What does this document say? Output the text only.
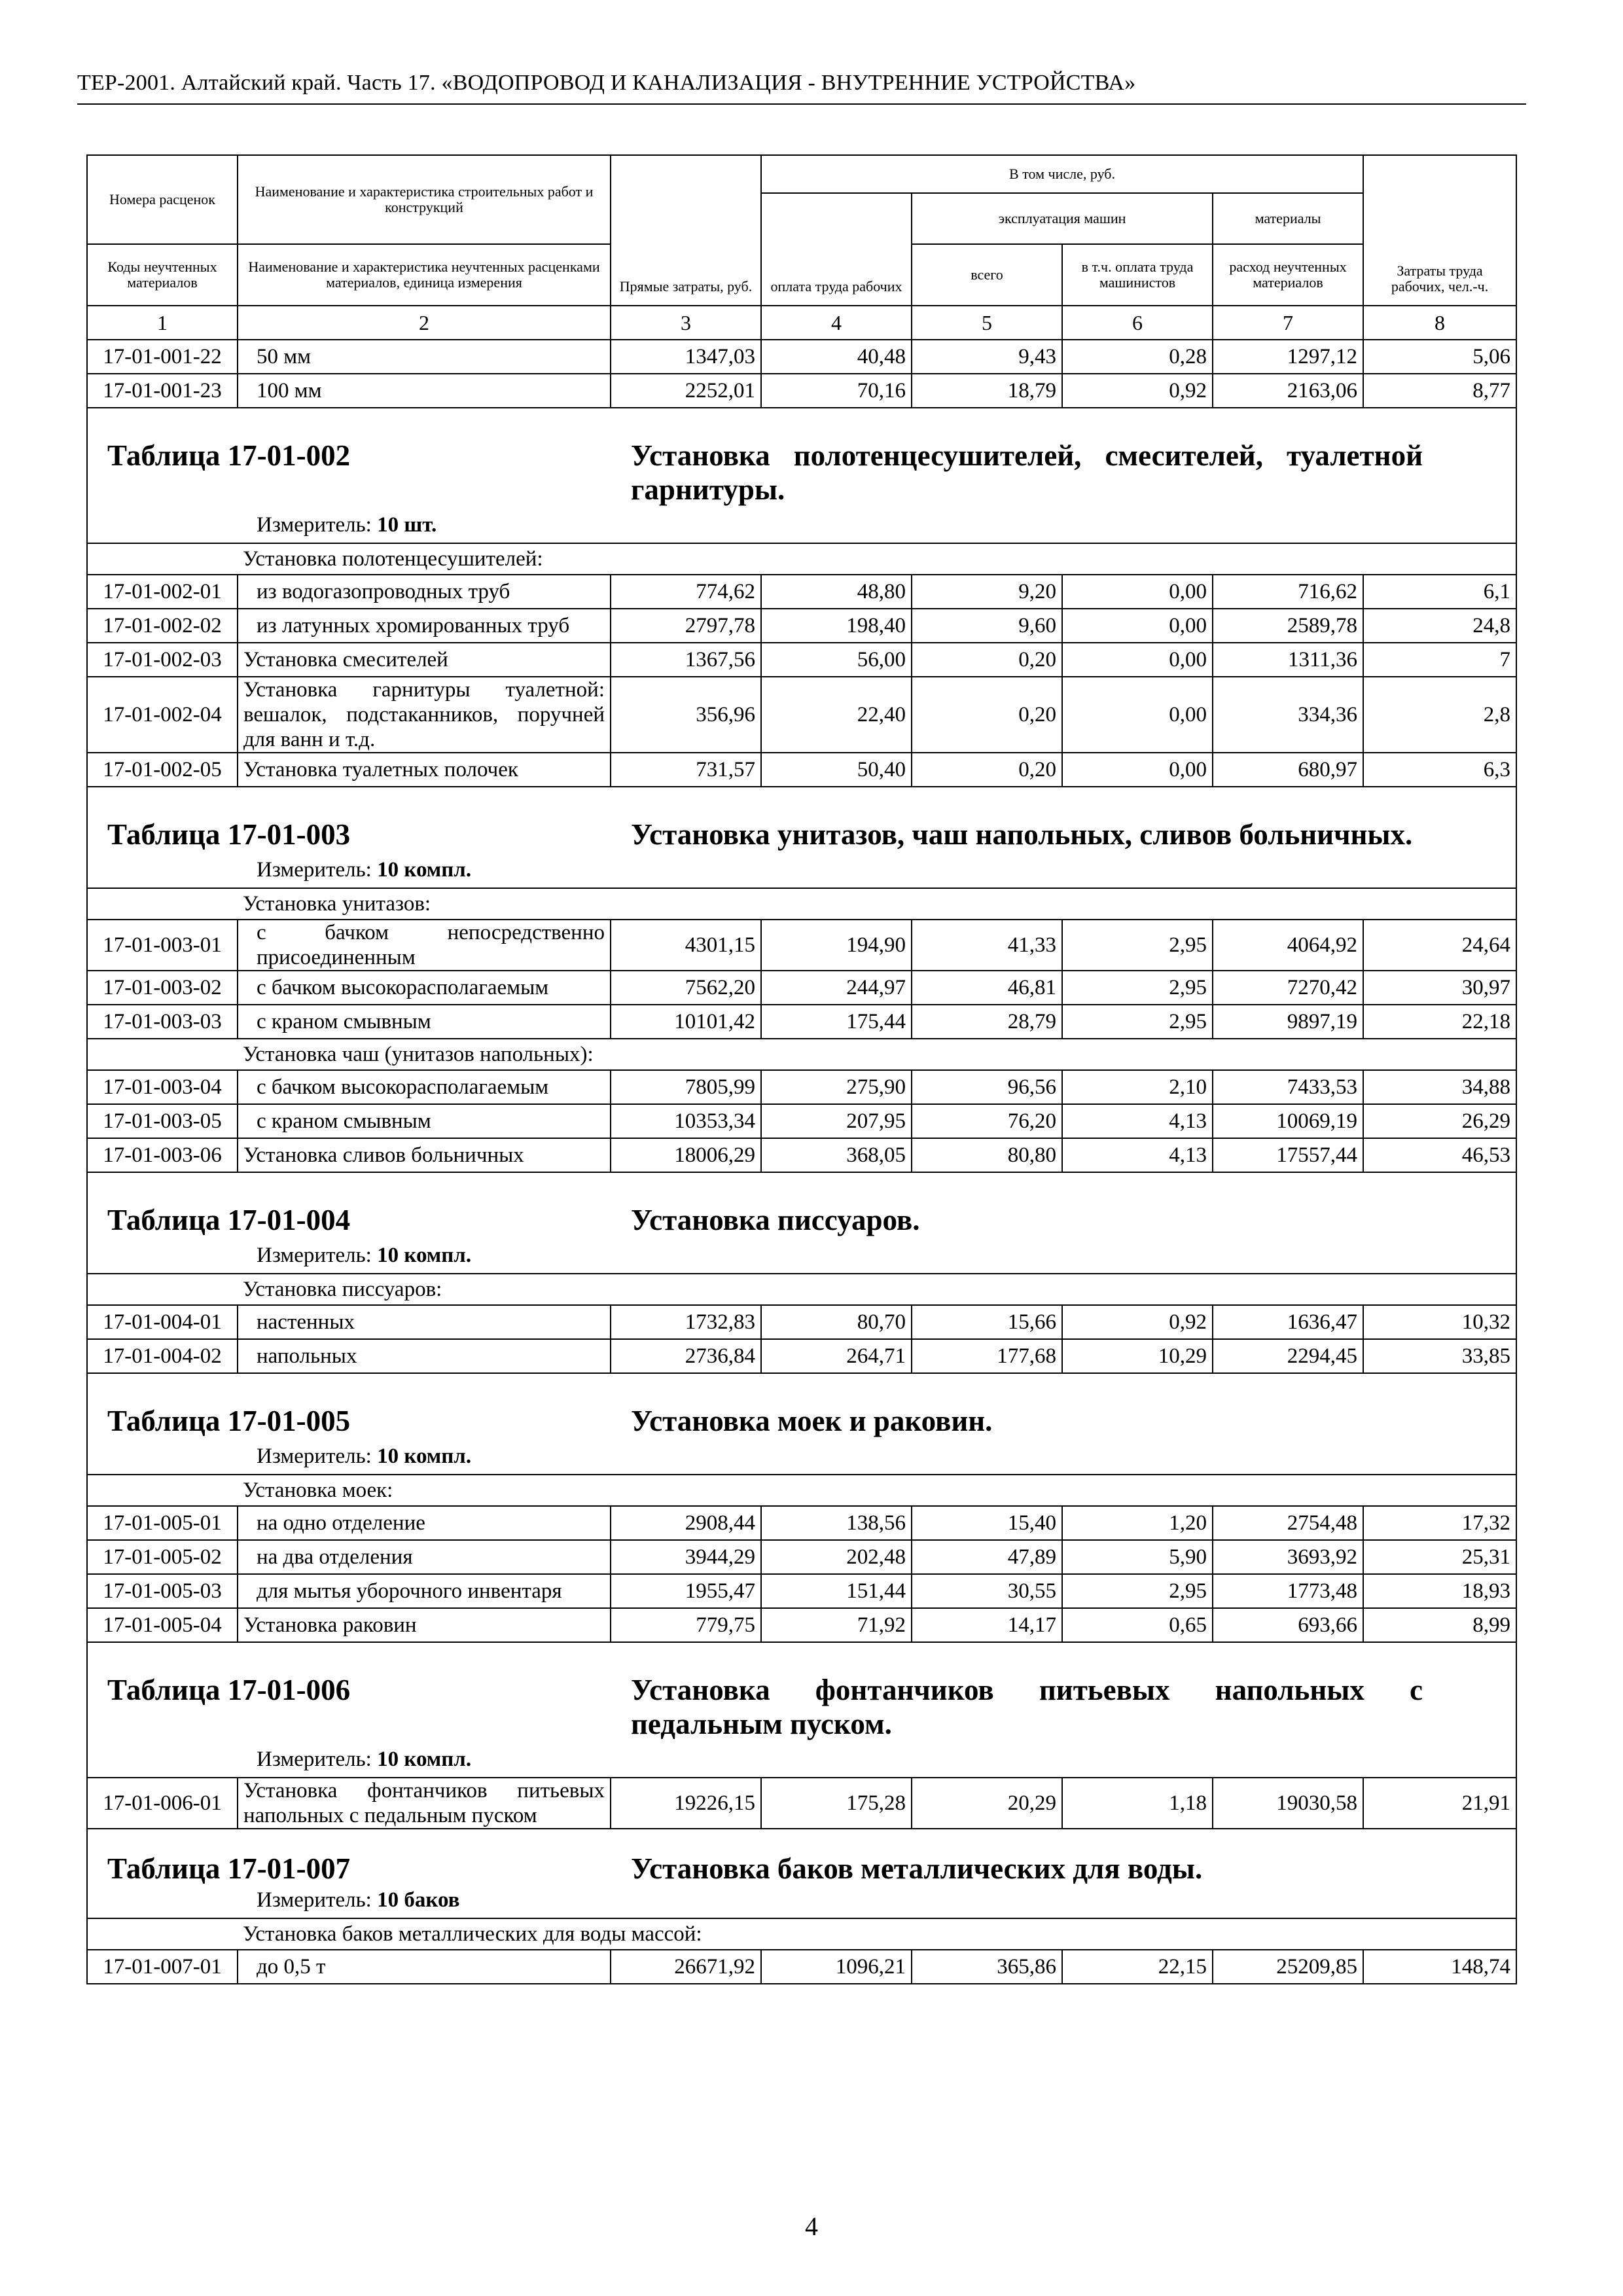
ТЕР-2001. Алтайский край. Часть 17. «ВОДОПРОВОД И КАНАЛИЗАЦИЯ - ВНУТРЕННИЕ УСТРОЙСТВА»
Номера расценок	Наименование и характеристика строительных работ и конструкций	Прямые затраты, руб.	В том числе, руб.				Затраты труда рабочих, чел.-ч.
			оплата труда рабочих	эксплуатация машин		материалы	
Коды неучтенных материалов	Наименование и характеристика неучтенных расценками материалов, единица измерения			всего	в т.ч. оплата труда машинистов	расход неучтенных материалов	
1	2	3	4	5	6	7	8
17-01-001-22	50 мм	1347,03	40,48	9,43	0,28	1297,12	5,06
17-01-001-23	100 мм	2252,01	70,16	18,79	0,92	2163,06	8,77

Таблица 17-01-002 Установка полотенцесушителей, смесителей, туалетной гарнитуры.
Измеритель: 10 шт.							

	Установка полотенцесушителей:						
17-01-002-01	из водогазопроводных труб	774,62	48,80	9,20	0,00	716,62	6,1
17-01-002-02	из латунных хромированных труб	2797,78	198,40	9,60	0,00	2589,78	24,8
17-01-002-03	Установка смесителей	1367,56	56,00	0,20	0,00	1311,36	7
17-01-002-04	Установка гарнитуры туалетной: вешалок, подстаканников, поручней для ванн и т.д.	356,96	22,40	0,20	0,00	334,36	2,8
17-01-002-05	Установка туалетных полочек	731,57	50,40	0,20	0,00	680,97	6,3

Таблица 17-01-003 Установка унитазов, чаш напольных, сливов больничных.
Измеритель: 10 компл.							

	Установка унитазов:						
17-01-003-01	с бачком непосредственно присоединенным	4301,15	194,90	41,33	2,95	4064,92	24,64
17-01-003-02	с бачком высокорасполагаемым	7562,20	244,97	46,81	2,95	7270,42	30,97
17-01-003-03	с краном смывным	10101,42	175,44	28,79	2,95	9897,19	22,18
	Установка чаш (унитазов напольных):						
17-01-003-04	с бачком высокорасполагаемым	7805,99	275,90	96,56	2,10	7433,53	34,88
17-01-003-05	с краном смывным	10353,34	207,95	76,20	4,13	10069,19	26,29
17-01-003-06	Установка сливов больничных	18006,29	368,05	80,80	4,13	17557,44	46,53

Таблица 17-01-004 Установка писсуаров.
Измеритель: 10 компл.							

	Установка писсуаров:						
17-01-004-01	настенных	1732,83	80,70	15,66	0,92	1636,47	10,32
17-01-004-02	напольных	2736,84	264,71	177,68	10,29	2294,45	33,85

Таблица 17-01-005 Установка моек и раковин.
Измеритель: 10 компл.							

	Установка моек:						
17-01-005-01	на одно отделение	2908,44	138,56	15,40	1,20	2754,48	17,32
17-01-005-02	на два отделения	3944,29	202,48	47,89	5,90	3693,92	25,31
17-01-005-03	для мытья уборочного инвентаря	1955,47	151,44	30,55	2,95	1773,48	18,93
17-01-005-04	Установка раковин	779,75	71,92	14,17	0,65	693,66	8,99

Таблица 17-01-006 Установка фонтанчиков питьевых напольных с педальным пуском.
Измеритель: 10 компл.							

17-01-006-01	Установка фонтанчиков питьевых напольных с педальным пуском	19226,15	175,28	20,29	1,18	19030,58	21,91

Таблица 17-01-007 Установка баков металлических для воды.
Измеритель: 10 баков							

	Установка баков металлических для воды массой:						
17-01-007-01	до 0,5 т	26671,92	1096,21	365,86	22,15	25209,85	148,74
4
